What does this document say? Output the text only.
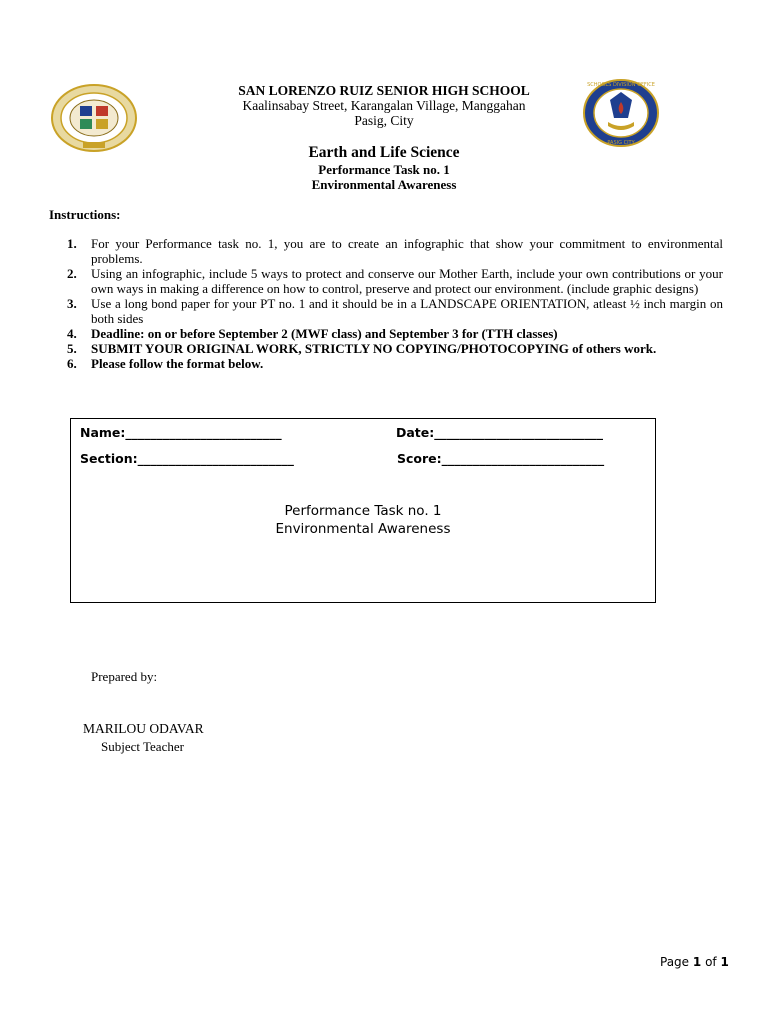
SCHOOLS DIVISION OFFICE
PASIG CITY
SAN LORENZO RUIZ SENIOR HIGH SCHOOL
Kaalinsabay Street, Karangalan Village, Manggahan
Pasig, City
Earth and Life Science
Performance Task no. 1
Environmental Awareness
Instructions:
1. For your Performance task no. 1, you are to create an infographic that show your commitment to environmental problems.
2. Using an infographic, include 5 ways to protect and conserve our Mother Earth, include your own contributions or your own ways in making a difference on how to control, preserve and protect our environment. (include graphic designs)
3. Use a long bond paper for your PT no. 1 and it should be in a LANDSCAPE ORIENTATION, atleast ½ inch margin on both sides
4. Deadline: on or before September 2 (MWF class) and September 3 for (TTH classes)
5. SUBMIT YOUR ORIGINAL WORK, STRICTLY NO COPYING/PHOTOCOPYING of others work.
6. Please follow the format below.
Name:_________________________	Date:___________________________
Section:_________________________	Score:__________________________
Performance Task no. 1
Environmental Awareness
Prepared by:
MARILOU ODAVAR
Subject Teacher
Page 1 of 1
